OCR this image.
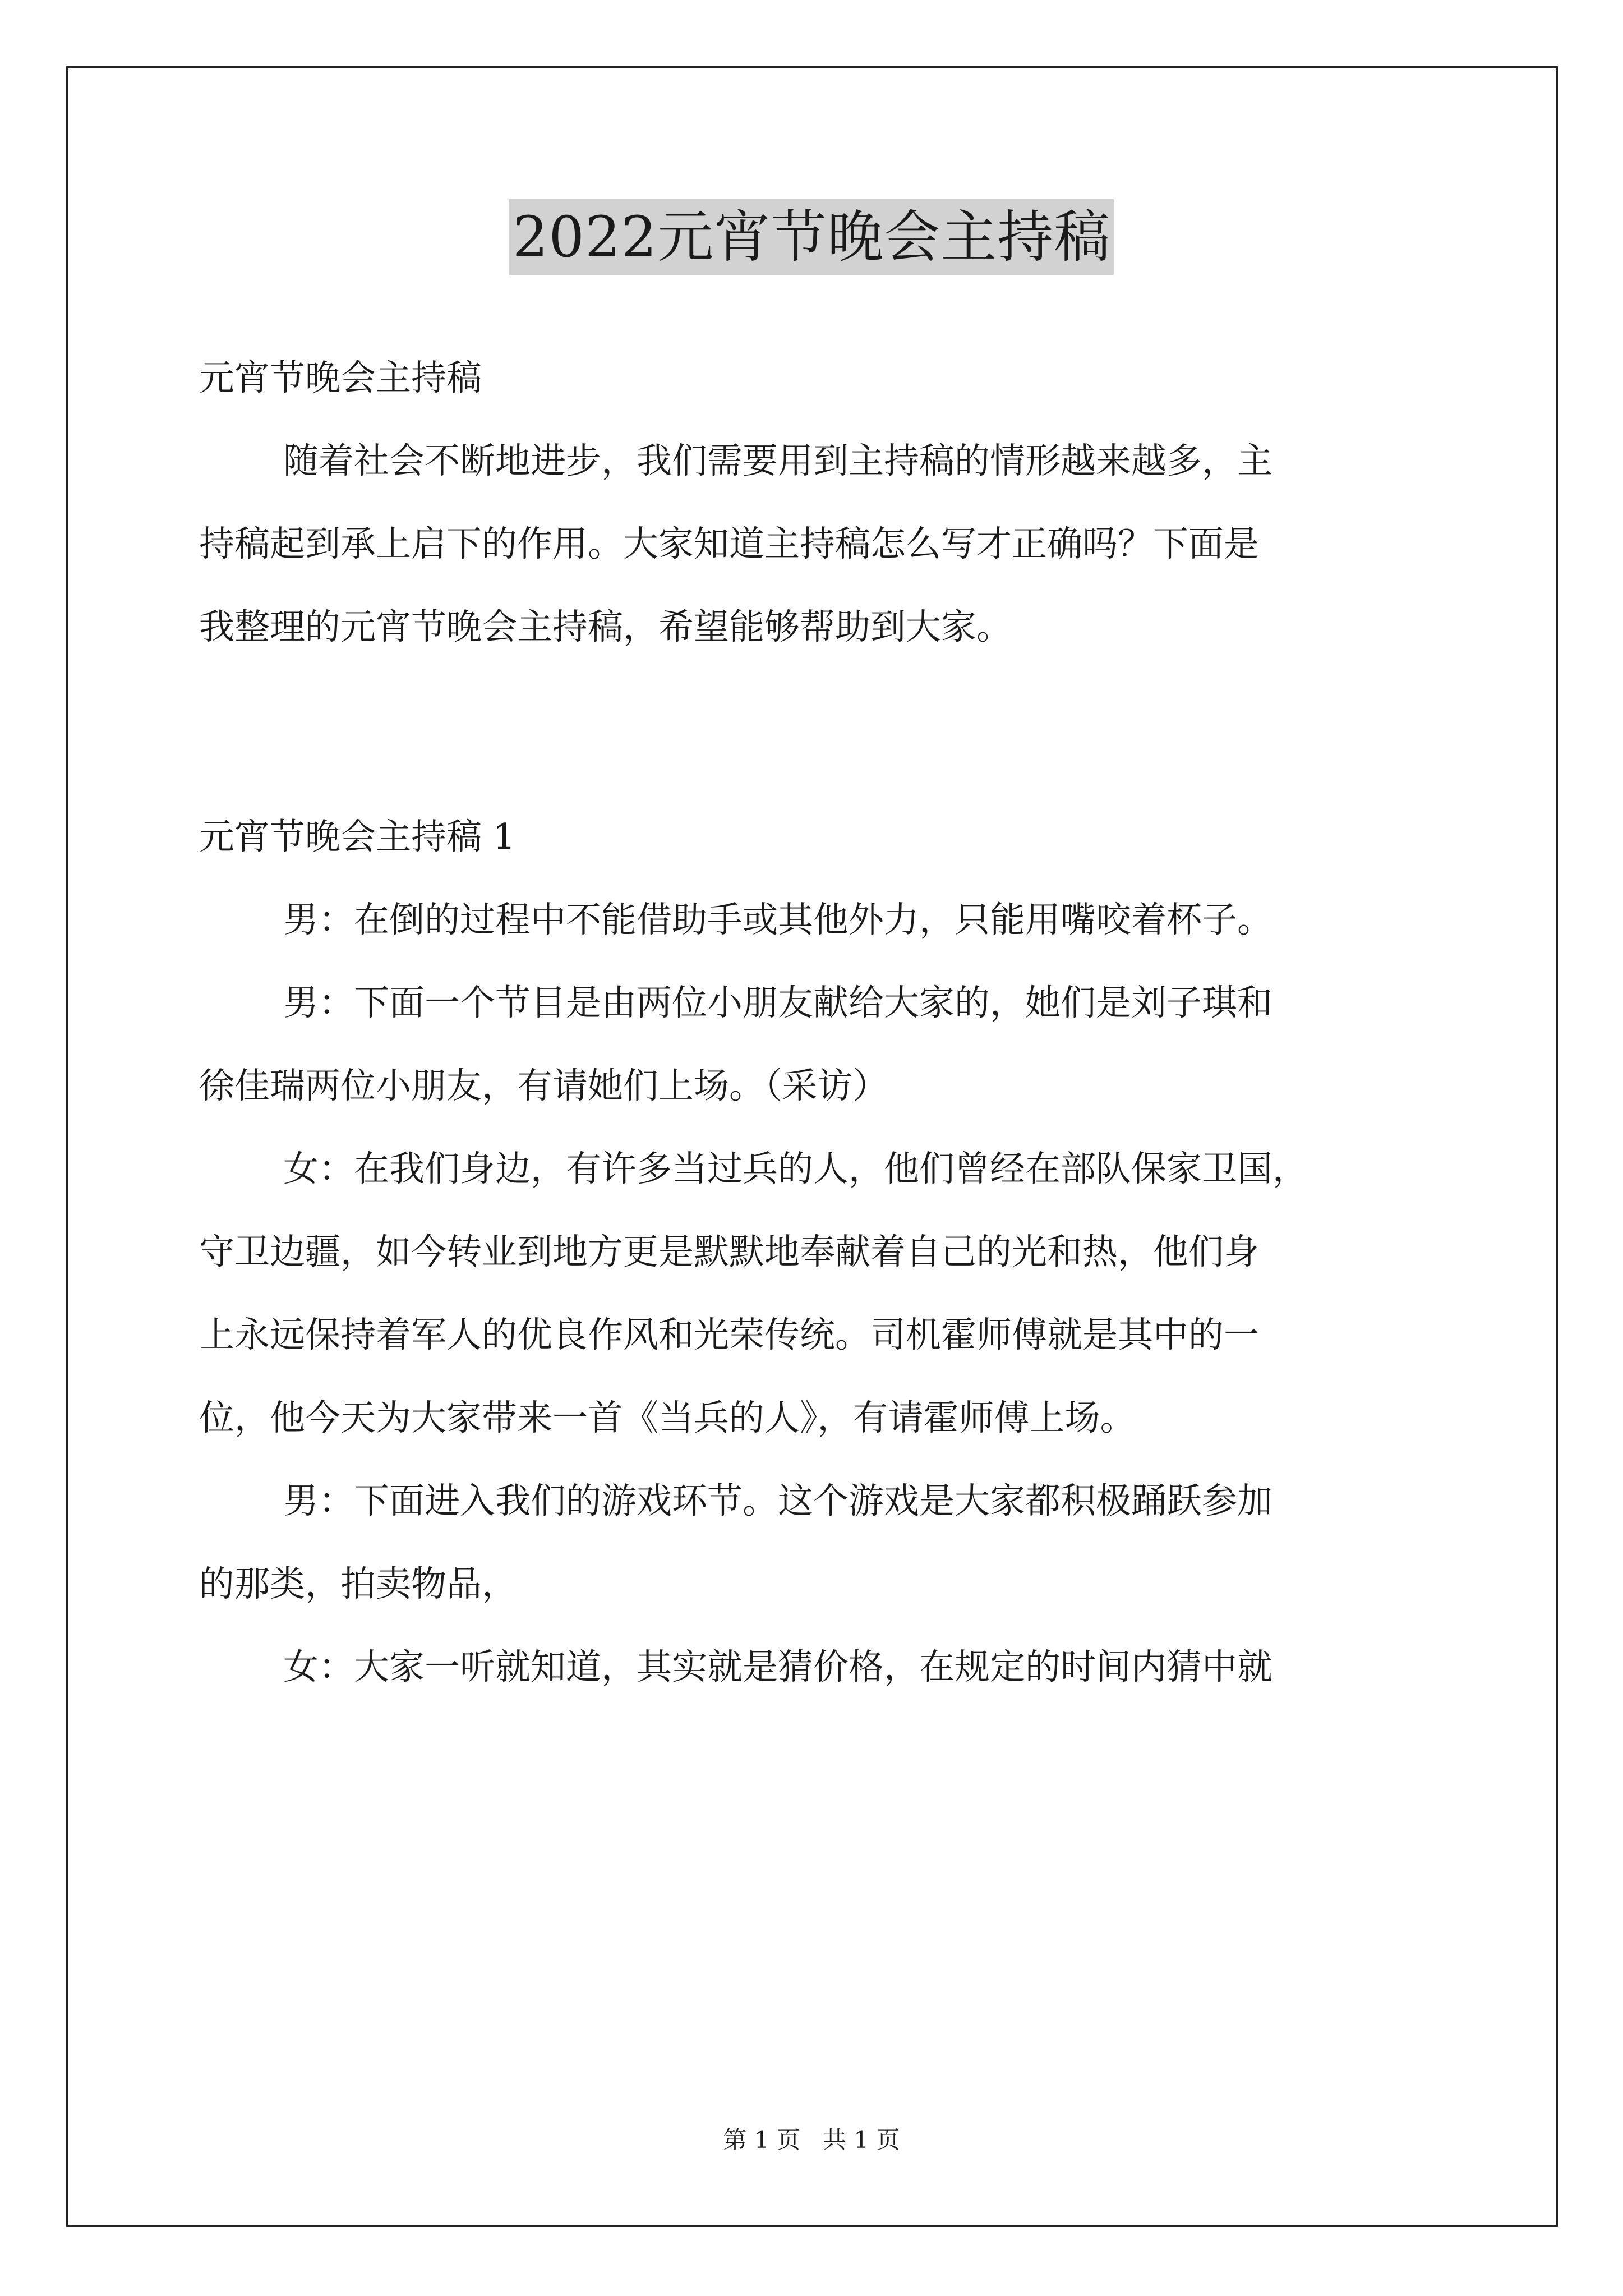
2022元宵节晚会主持稿

元宵节晚会主持稿

随着社会不断地进步，我们需要用到主持稿的情形越来越多，主

持稿起到承上启下的作用。大家知道主持稿怎么写才正确吗？下面是

我整理的元宵节晚会主持稿，希望能够帮助到大家。

元宵节晚会主持稿 1

男：在倒的过程中不能借助手或其他外力，只能用嘴咬着杯子。

男：下面一个节目是由两位小朋友献给大家的，她们是刘子琪和

徐佳瑞两位小朋友，有请她们上场。（采访）

女：在我们身边，有许多当过兵的人，他们曾经在部队保家卫国，

守卫边疆，如今转业到地方更是默默地奉献着自己的光和热，他们身

上永远保持着军人的优良作风和光荣传统。司机霍师傅就是其中的一

位，他今天为大家带来一首《当兵的人》，有请霍师傅上场。

男：下面进入我们的游戏环节。这个游戏是大家都积极踊跃参加

的那类，拍卖物品，

女：大家一听就知道，其实就是猜价格，在规定的时间内猜中就

第 1 页   共 1 页
